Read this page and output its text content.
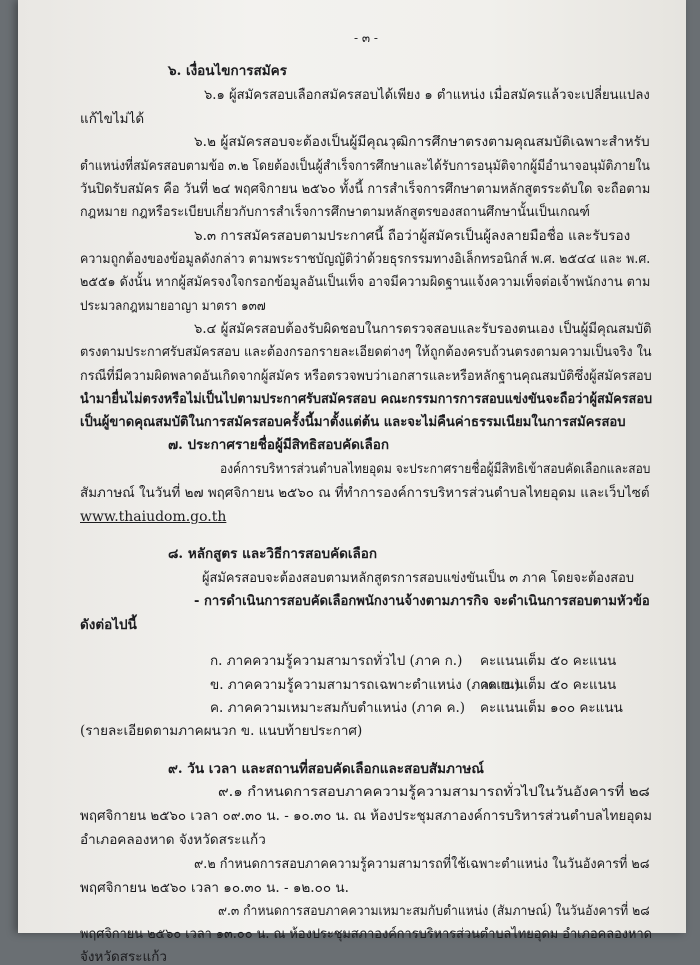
- ๓ -
๖. เงื่อนไขการสมัคร
๖.๑ ผู้สมัครสอบเลือกสมัครสอบได้เพียง ๑ ตำแหน่ง เมื่อสมัครแล้วจะเปลี่ยนแปลง
แก้ไขไม่ได้
๖.๒ ผู้สมัครสอบจะต้องเป็นผู้มีคุณวุฒิการศึกษาตรงตามคุณสมบัติเฉพาะสำหรับ
ตำแหน่งที่สมัครสอบตามข้อ ๓.๒ โดยต้องเป็นผู้สำเร็จการศึกษาและได้รับการอนุมัติจากผู้มีอำนาจอนุมัติภายใน
วันปิดรับสมัคร คือ วันที่ ๒๔ พฤศจิกายน ๒๕๖๐ ทั้งนี้ การสำเร็จการศึกษาตามหลักสูตรระดับใด จะถือตาม
กฎหมาย กฎหรือระเบียบเกี่ยวกับการสำเร็จการศึกษาตามหลักสูตรของสถานศึกษานั้นเป็นเกณฑ์
๖.๓ การสมัครสอบตามประกาศนี้ ถือว่าผู้สมัครเป็นผู้ลงลายมือชื่อ และรับรอง
ความถูกต้องของข้อมูลดังกล่าว ตามพระราชบัญญัติว่าด้วยธุรกรรมทางอิเล็กทรอนิกส์ พ.ศ. ๒๕๔๔ และ พ.ศ.
๒๕๕๑ ดังนั้น หากผู้สมัครจงใจกรอกข้อมูลอันเป็นเท็จ อาจมีความผิดฐานแจ้งความเท็จต่อเจ้าพนักงาน ตาม
ประมวลกฎหมายอาญา มาตรา ๑๓๗
๖.๔ ผู้สมัครสอบต้องรับผิดชอบในการตรวจสอบและรับรองตนเอง เป็นผู้มีคุณสมบัติ
ตรงตามประกาศรับสมัครสอบ และต้องกรอกรายละเอียดต่างๆ ให้ถูกต้องครบถ้วนตรงตามความเป็นจริง ใน
กรณีที่มีความผิดพลาดอันเกิดจากผู้สมัคร หรือตรวจพบว่าเอกสารและหรือหลักฐานคุณสมบัติซึ่งผู้สมัครสอบ
นำมายื่นไม่ตรงหรือไม่เป็นไปตามประกาศรับสมัครสอบ คณะกรรมการการสอบแข่งขันจะถือว่าผู้สมัครสอบ
เป็นผู้ขาดคุณสมบัติในการสมัครสอบครั้งนี้มาตั้งแต่ต้น และจะไม่คืนค่าธรรมเนียมในการสมัครสอบ
๗. ประกาศรายชื่อผู้มีสิทธิสอบคัดเลือก
องค์การบริหารส่วนตำบลไทยอุดม จะประกาศรายชื่อผู้มีสิทธิเข้าสอบคัดเลือกและสอบ
สัมภาษณ์ ในวันที่ ๒๗ พฤศจิกายน ๒๕๖๐ ณ ที่ทำการองค์การบริหารส่วนตำบลไทยอุดม และเว็บไซต์
www.thaiudom.go.th
๘. หลักสูตร และวิธีการสอบคัดเลือก
ผู้สมัครสอบจะต้องสอบตามหลักสูตรการสอบแข่งขันเป็น ๓ ภาค โดยจะต้องสอบ
- การดำเนินการสอบคัดเลือกพนักงานจ้างตามภารกิจ จะดำเนินการสอบตามหัวข้อ
ดังต่อไปนี้
ก. ภาคความรู้ความสามารถทั่วไป (ภาค ก.) คะแนนเต็ม ๕๐ คะแนน
ข. ภาคความรู้ความสามารถเฉพาะตำแหน่ง (ภาค ข.)
คะแนนเต็ม ๕๐ คะแนน
ค. ภาคความเหมาะสมกับตำแหน่ง (ภาค ค.) คะแนนเต็ม ๑๐๐ คะแนน
(รายละเอียดตามภาคผนวก ข. แนบท้ายประกาศ)
๙. วัน เวลา และสถานที่สอบคัดเลือกและสอบสัมภาษณ์
๙.๑ กำหนดการสอบภาคความรู้ความสามารถทั่วไปในวันอังคารที่ ๒๘
พฤศจิกายน ๒๕๖๐ เวลา ๐๙.๓๐ น. - ๑๐.๓๐ น. ณ ห้องประชุมสภาองค์การบริหารส่วนตำบลไทยอุดม
อำเภอคลองหาด จังหวัดสระแก้ว
๙.๒ กำหนดการสอบภาคความรู้ความสามารถที่ใช้เฉพาะตำแหน่ง ในวันอังคารที่ ๒๘
พฤศจิกายน ๒๕๖๐ เวลา ๑๐.๓๐ น. - ๑๒.๐๐ น.
๙.๓ กำหนดการสอบภาคความเหมาะสมกับตำแหน่ง (สัมภาษณ์) ในวันอังคารที่ ๒๘
พฤศจิกายน ๒๕๖๐ เวลา ๑๓.๐๐ น. ณ ห้องประชุมสภาองค์การบริหารส่วนตำบลไทยอุดม อำเภอคลองหาด
จังหวัดสระแก้ว
